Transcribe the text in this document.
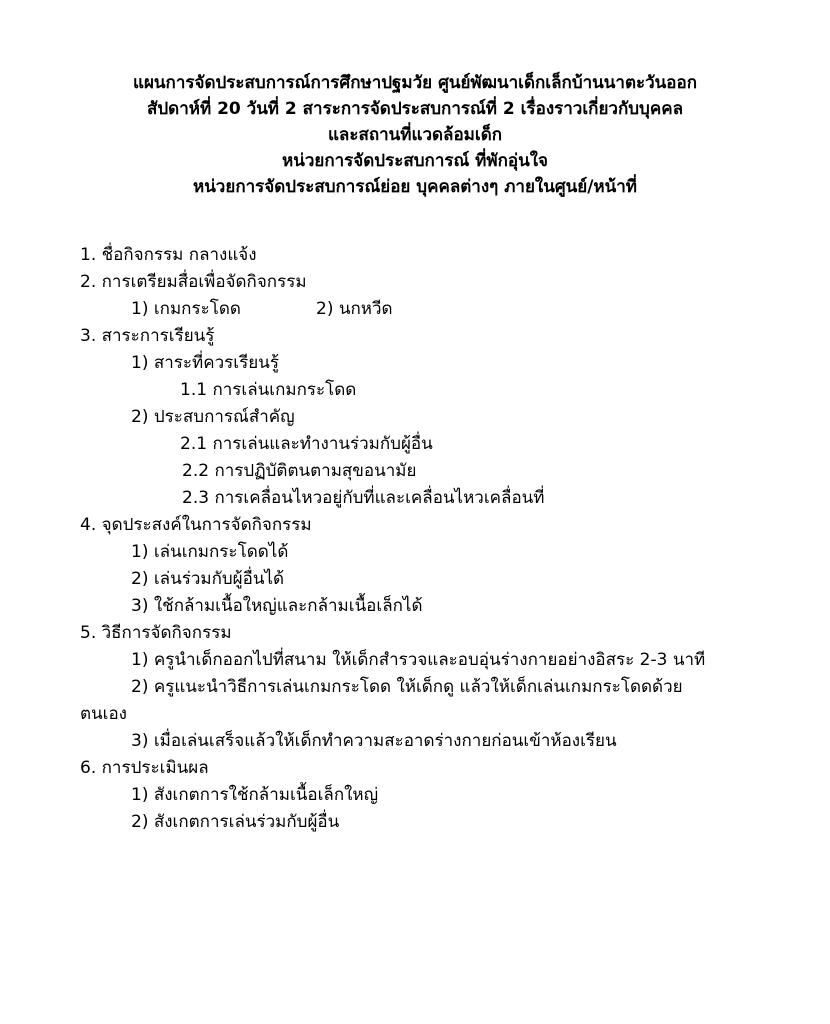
แผนการจัดประสบการณ์การศึกษาปฐมวัย ศูนย์พัฒนาเด็กเล็กบ้านนาตะวันออก
สัปดาห์ที่ 20 วันที่ 2 สาระการจัดประสบการณ์ที่ 2 เรื่องราวเกี่ยวกับบุคคล
และสถานที่แวดล้อมเด็ก
หน่วยการจัดประสบการณ์ ที่พักอุ่นใจ
หน่วยการจัดประสบการณ์ย่อย บุคคลต่างๆ ภายในศูนย์/หน้าที่
1. ชื่อกิจกรรม กลางแจ้ง
2. การเตรียมสื่อเพื่อจัดกิจกรรม
1) เกมกระโดด	2) นกหวีด
3. สาระการเรียนรู้
1) สาระที่ควรเรียนรู้
1.1 การเล่นเกมกระโดด
2) ประสบการณ์สำคัญ
2.1 การเล่นและทำงานร่วมกับผู้อื่น
2.2 การปฏิบัติตนตามสุขอนามัย
2.3 การเคลื่อนไหวอยู่กับที่และเคลื่อนไหวเคลื่อนที่
4. จุดประสงค์ในการจัดกิจกรรม
1) เล่นเกมกระโดดได้
2) เล่นร่วมกับผู้อื่นได้
3) ใช้กล้ามเนื้อใหญ่และกล้ามเนื้อเล็กได้
5. วิธีการจัดกิจกรรม
1) ครูนำเด็กออกไปที่สนาม ให้เด็กสำรวจและอบอุ่นร่างกายอย่างอิสระ 2-3 นาที
2) ครูแนะนำวิธีการเล่นเกมกระโดด ให้เด็กดู แล้วให้เด็กเล่นเกมกระโดดด้วย
ตนเอง
3) เมื่อเล่นเสร็จแล้วให้เด็กทำความสะอาดร่างกายก่อนเข้าห้องเรียน
6. การประเมินผล
1) สังเกตการใช้กล้ามเนื้อเล็กใหญ่
2) สังเกตการเล่นร่วมกับผู้อื่น
